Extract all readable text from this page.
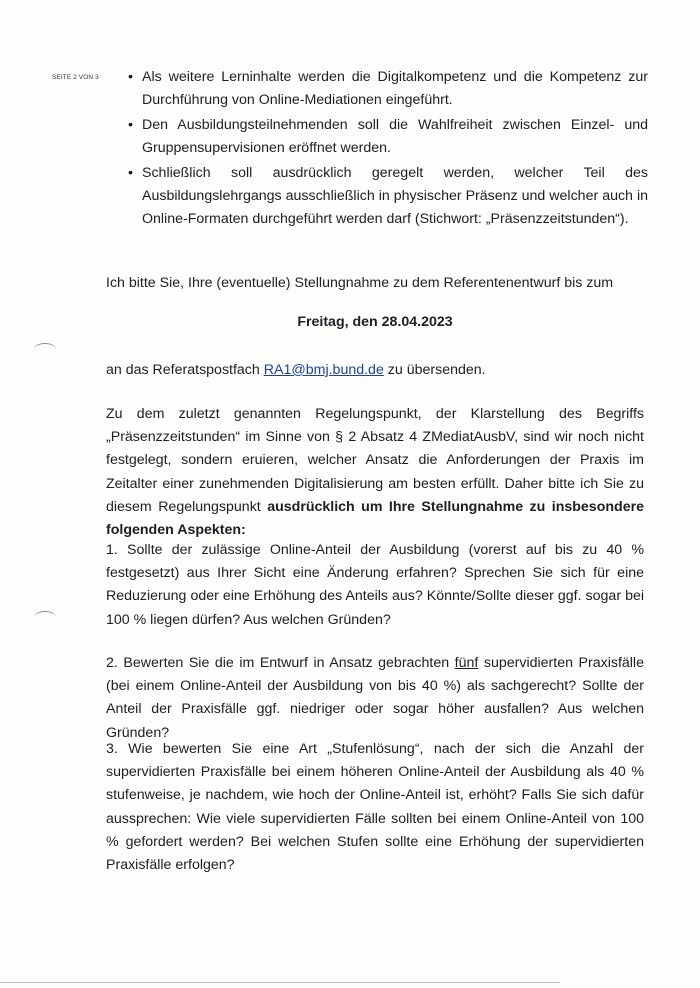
SEITE 2 VON 3 • Als weitere Lerninhalte werden die Digitalkompetenz und die Kompetenz zur Durchführung von Online-Mediationen eingeführt.
• Den Ausbildungsteilnehmenden soll die Wahlfreiheit zwischen Einzel- und Gruppensupervisionen eröffnet werden.
• Schließlich soll ausdrücklich geregelt werden, welcher Teil des Ausbildungslehrgangs ausschließlich in physischer Präsenz und welcher auch in Online-Formaten durchgeführt werden darf (Stichwort: „Präsenzzeitstunden“).

Ich bitte Sie, Ihre (eventuelle) Stellungnahme zu dem Referentenentwurf bis zum

Freitag, den 28.04.2023

an das Referatspostfach RA1@bmj.bund.de zu übersenden.

Zu dem zuletzt genannten Regelungspunkt, der Klarstellung des Begriffs „Präsenzzeitstunden“ im Sinne von § 2 Absatz 4 ZMediatAusbV, sind wir noch nicht festgelegt, sondern eruieren, welcher Ansatz die Anforderungen der Praxis im Zeitalter einer zunehmenden Digitalisierung am besten erfüllt. Daher bitte ich Sie zu diesem Regelungspunkt ausdrücklich um Ihre Stellungnahme zu insbesondere folgenden Aspekten:

1. Sollte der zulässige Online-Anteil der Ausbildung (vorerst auf bis zu 40 % festgesetzt) aus Ihrer Sicht eine Änderung erfahren? Sprechen Sie sich für eine Reduzierung oder eine Erhöhung des Anteils aus? Könnte/Sollte dieser ggf. sogar bei 100 % liegen dürfen? Aus welchen Gründen?

2. Bewerten Sie die im Entwurf in Ansatz gebrachten fünf supervidierten Praxisfälle (bei einem Online-Anteil der Ausbildung von bis 40 %) als sachgerecht? Sollte der Anteil der Praxisfälle ggf. niedriger oder sogar höher ausfallen? Aus welchen Gründen?

3. Wie bewerten Sie eine Art „Stufenlösung“, nach der sich die Anzahl der supervidierten Praxisfälle bei einem höheren Online-Anteil der Ausbildung als 40 % stufenweise, je nachdem, wie hoch der Online-Anteil ist, erhöht? Falls Sie sich dafür aussprechen: Wie viele supervidierten Fälle sollten bei einem Online-Anteil von 100 % gefordert werden? Bei welchen Stufen sollte eine Erhöhung der supervidierten Praxisfälle erfolgen?
